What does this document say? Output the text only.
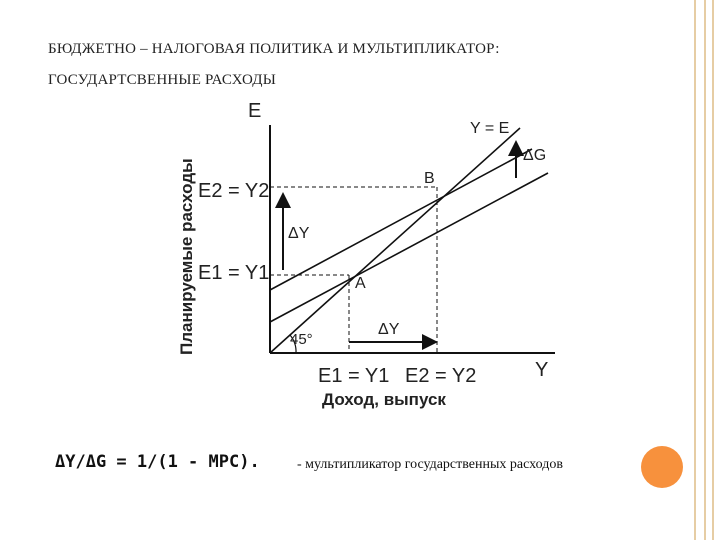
БЮДЖЕТНО – НАЛОГОВАЯ ПОЛИТИКА И МУЛЬТИПЛИКАТОР:
ГОСУДАРТСВЕННЫЕ РАСХОДЫ
Планируемые расходы
E
Y
Y = E
ΔG
B
A
E2 = Y2
E1 = Y1
ΔY
ΔY
45°
E1 = Y1 E2 = Y2
Доход, выпуск
ΔY/ΔG = 1/(1 - MPC).	- мультипликатор государственных расходов
